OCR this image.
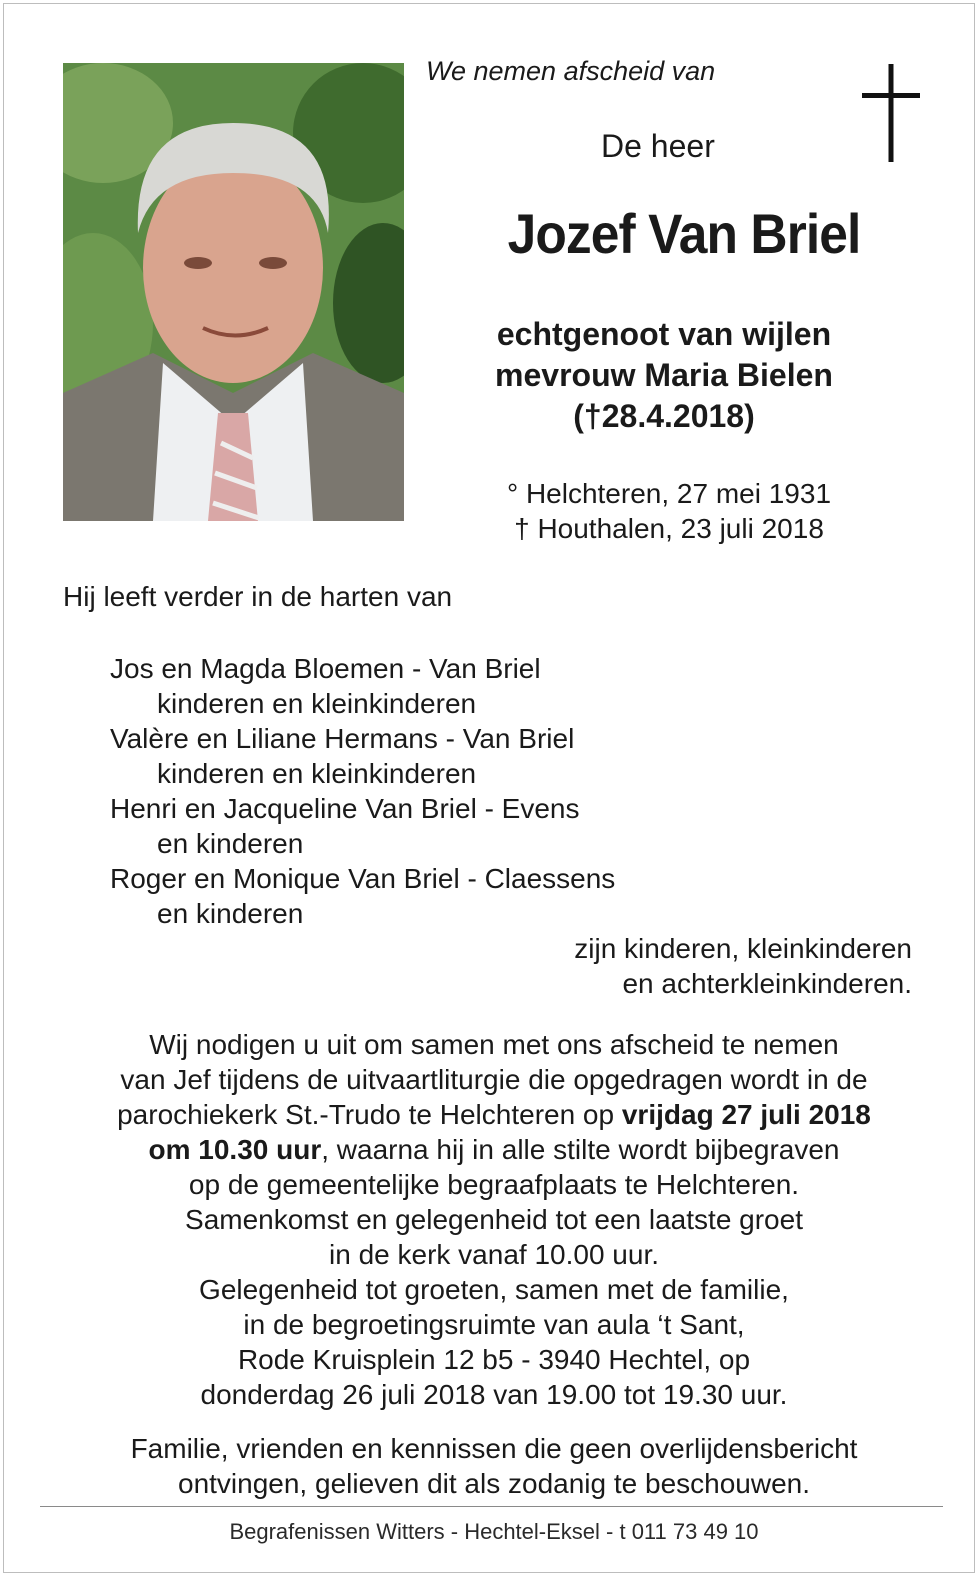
We nemen afscheid van
De heer
Jozef Van Briel
echtgenoot van wijlen
mevrouw Maria Bielen
(†28.4.2018)
° Helchteren, 27 mei 1931
† Houthalen, 23 juli 2018
Hij leeft verder in de harten van
Jos en Magda Bloemen - Van Briel
kinderen en kleinkinderen
Valère en Liliane Hermans - Van Briel
kinderen en kleinkinderen
Henri en Jacqueline Van Briel - Evens
en kinderen
Roger en Monique Van Briel - Claessens
en kinderen
zijn kinderen, kleinkinderen
en achterkleinkinderen.
Wij nodigen u uit om samen met ons afscheid te nemen
van Jef tijdens de uitvaartliturgie die opgedragen wordt in de
parochiekerk St.-Trudo te Helchteren op vrijdag 27 juli 2018
om 10.30 uur, waarna hij in alle stilte wordt bijbegraven
op de gemeentelijke begraafplaats te Helchteren.
Samenkomst en gelegenheid tot een laatste groet
in de kerk vanaf 10.00 uur.
Gelegenheid tot groeten, samen met de familie,
in de begroetingsruimte van aula ‘t Sant,
Rode Kruisplein 12 b5 - 3940 Hechtel, op
donderdag 26 juli 2018 van 19.00 tot 19.30 uur.
Familie, vrienden en kennissen die geen overlijdensbericht
ontvingen, gelieven dit als zodanig te beschouwen.
Begrafenissen Witters - Hechtel-Eksel - t 011 73 49 10
